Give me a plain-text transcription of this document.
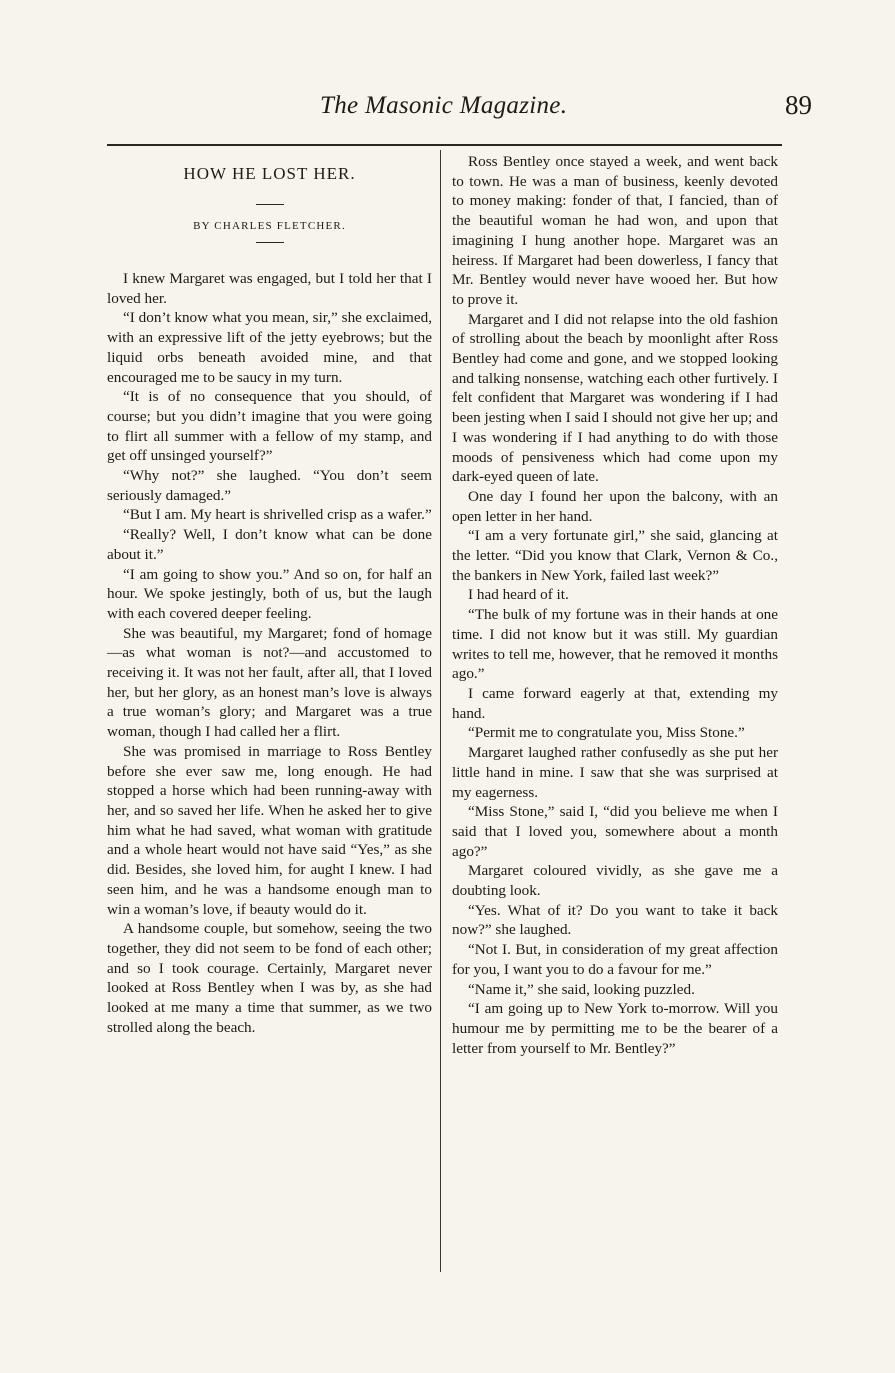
The Masonic Magazine.	89
HOW HE LOST HER.
BY CHARLES FLETCHER.

I knew Margaret was engaged, but I told her that I loved her.

“I don’t know what you mean, sir,” she exclaimed, with an expressive lift of the jetty eyebrows; but the liquid orbs beneath avoided mine, and that encouraged me to be saucy in my turn.

“It is of no consequence that you should, of course; but you didn’t imagine that you were going to flirt all summer with a fellow of my stamp, and get off unsinged yourself?”

“Why not?” she laughed. “You don’t seem seriously damaged.”

“But I am. My heart is shrivelled crisp as a wafer.”

“Really? Well, I don’t know what can be done about it.”

“I am going to show you.” And so on, for half an hour. We spoke jestingly, both of us, but the laugh with each covered deeper feeling.

She was beautiful, my Margaret; fond of homage—as what woman is not?—and accustomed to receiving it. It was not her fault, after all, that I loved her, but her glory, as an honest man’s love is always a true woman’s glory; and Margaret was a true woman, though I had called her a flirt.

She was promised in marriage to Ross Bentley before she ever saw me, long enough. He had stopped a horse which had been running-away with her, and so saved her life. When he asked her to give him what he had saved, what woman with gratitude and a whole heart would not have said “Yes,” as she did. Besides, she loved him, for aught I knew. I had seen him, and he was a handsome enough man to win a woman’s love, if beauty would do it.

A handsome couple, but somehow, seeing the two together, they did not seem to be fond of each other; and so I took courage. Certainly, Margaret never looked at Ross Bentley when I was by, as she had looked at me many a time that summer, as we two strolled along the beach.

Ross Bentley once stayed a week, and went back to town. He was a man of business, keenly devoted to money making: fonder of that, I fancied, than of the beautiful woman he had won, and upon that imagining I hung another hope. Margaret was an heiress. If Margaret had been dowerless, I fancy that Mr. Bentley would never have wooed her. But how to prove it.

Margaret and I did not relapse into the old fashion of strolling about the beach by moonlight after Ross Bentley had come and gone, and we stopped looking and talking nonsense, watching each other furtively. I felt confident that Margaret was wondering if I had been jesting when I said I should not give her up; and I was wondering if I had anything to do with those moods of pensiveness which had come upon my dark-eyed queen of late.

One day I found her upon the balcony, with an open letter in her hand.

“I am a very fortunate girl,” she said, glancing at the letter. “Did you know that Clark, Vernon & Co., the bankers in New York, failed last week?”

I had heard of it.

“The bulk of my fortune was in their hands at one time. I did not know but it was still. My guardian writes to tell me, however, that he removed it months ago.”

I came forward eagerly at that, extending my hand.

“Permit me to congratulate you, Miss Stone.”

Margaret laughed rather confusedly as she put her little hand in mine. I saw that she was surprised at my eagerness.

“Miss Stone,” said I, “did you believe me when I said that I loved you, somewhere about a month ago?”

Margaret coloured vividly, as she gave me a doubting look.

“Yes. What of it? Do you want to take it back now?” she laughed.

“Not I. But, in consideration of my great affection for you, I want you to do a favour for me.”

“Name it,” she said, looking puzzled.

“I am going up to New York to-morrow. Will you humour me by permitting me to be the bearer of a letter from yourself to Mr. Bentley?”
